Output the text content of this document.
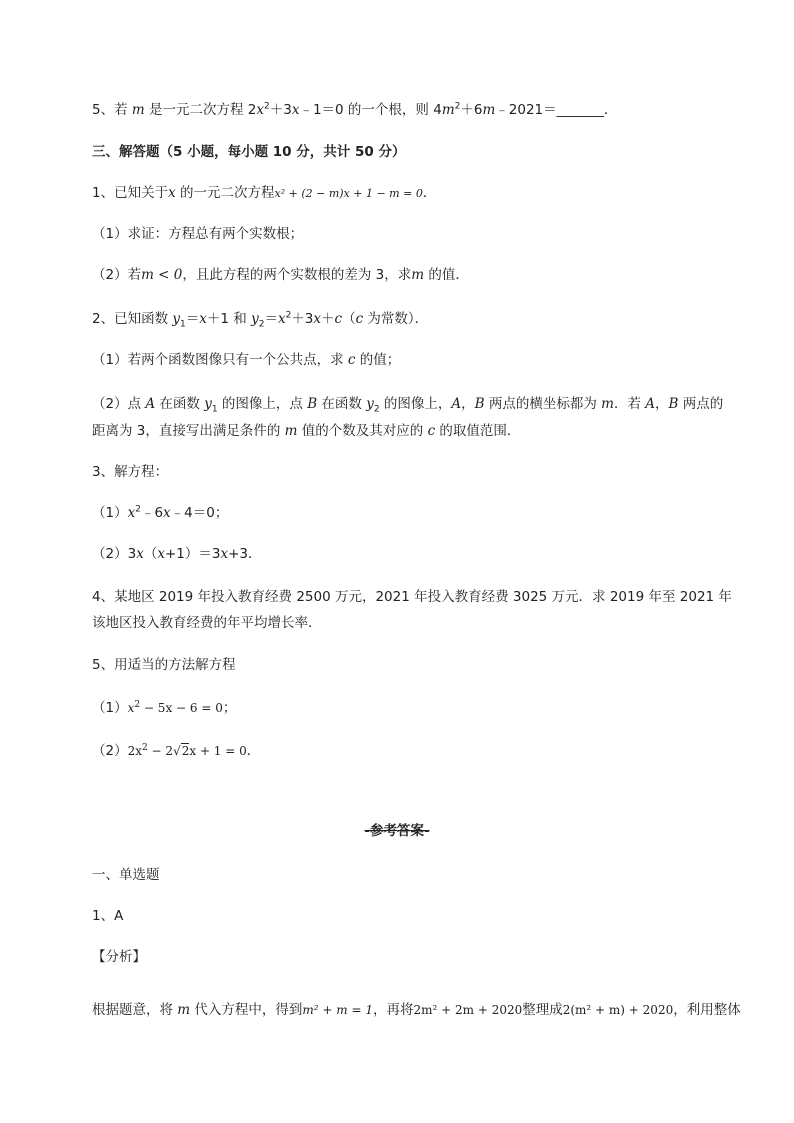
5、若 m 是一元二次方程 $2x^2+3x﹣1=0$ 的一个根，则 $4m^2+6m﹣2021=\_\_\_\_\_\_\_$．
三、解答题（5 小题，每小题 10 分，共计 50 分）
1、已知关于x 的一元二次方程x² + (2 − m)x + 1 − m = 0．
（1）求证：方程总有两个实数根；
（2）若m < 0，且此方程的两个实数根的差为 3，求m 的值．
2、已知函数 $y_1=x+1$ 和 $y_2=x^2+3x+c(c$ 为常数）．
（1）若两个函数图像只有一个公共点，求 c 的值；
（2）点 A 在函数 $y_1$ 的图像上，点 B 在函数 $y_2$ 的图像上，A，B 两点的横坐标都为 m．若 A，B 两点的
距离为 3，直接写出满足条件的 m 值的个数及其对应的 c 的取值范围．
3、解方程：
$(1)x^2﹣6x﹣4=0$；
（2）3x（x+1）＝3x+3．
4、某地区 2019 年投入教育经费 2500 万元，2021 年投入教育经费 3025 万元．求 2019 年至 2021 年
该地区投入教育经费的年平均增长率．
5、用适当的方法解方程
$(1)x^2 - 5x - 6 = 0$；
$(2)2x^2 - 2√2x + 1 = 0$．
-参考答案-
一、单选题
1、A
【分析】
根据题意，将 m 代入方程中，得到m² + m = 1，再将2m² + 2m + 2020整理成2(m² + m) + 2020，利用整体
